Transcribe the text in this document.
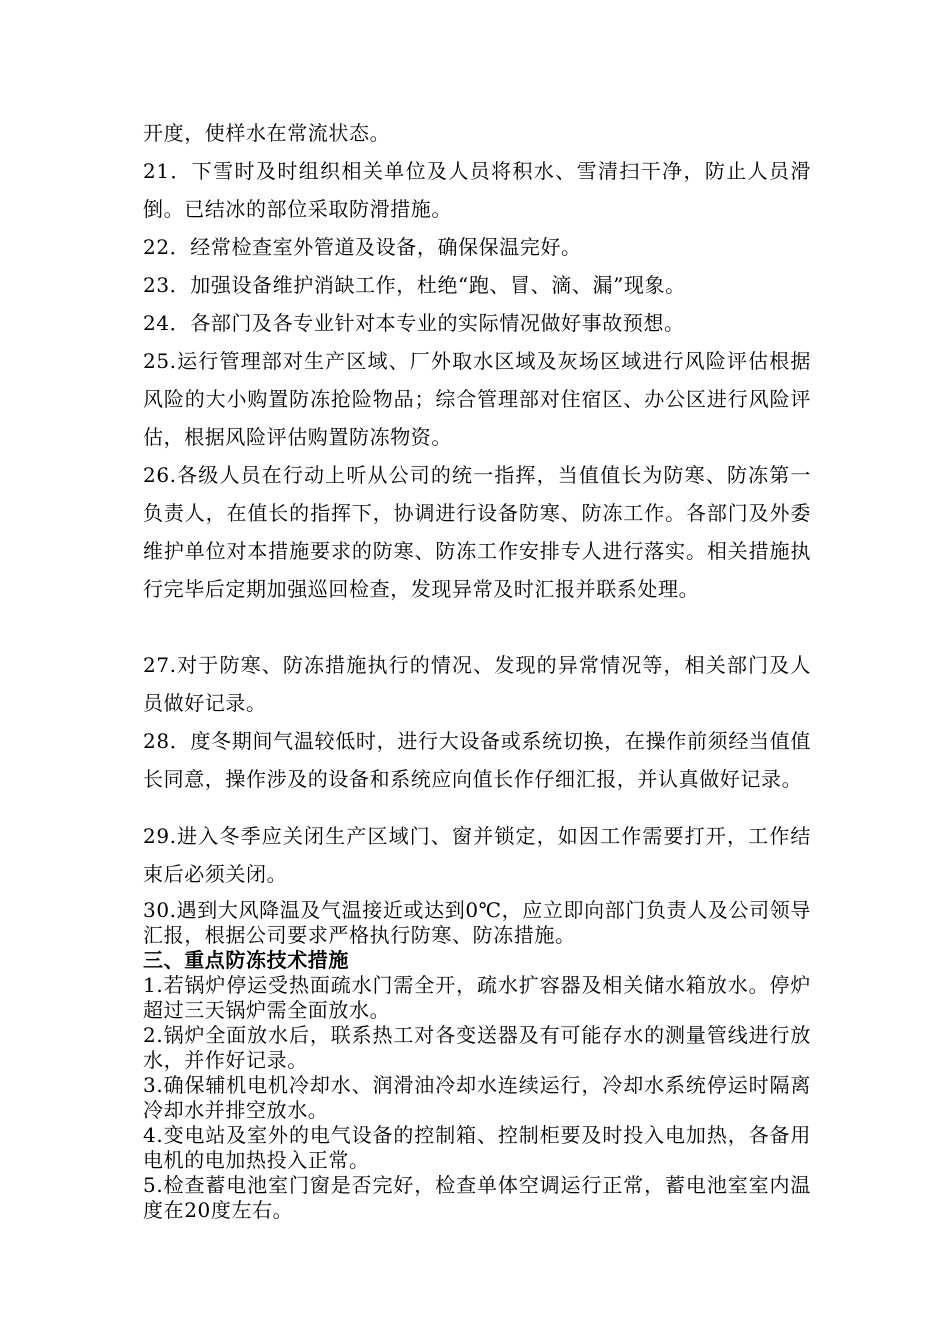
开度，使样水在常流状态。

21．下雪时及时组织相关单位及人员将积水、雪清扫干净，防止人员滑倒。已结冰的部位采取防滑措施。

22．经常检查室外管道及设备，确保保温完好。

23．加强设备维护消缺工作，杜绝“跑、冒、滴、漏”现象。

24．各部门及各专业针对本专业的实际情况做好事故预想。

25.运行管理部对生产区域、厂外取水区域及灰场区域进行风险评估根据风险的大小购置防冻抢险物品；综合管理部对住宿区、办公区进行风险评估，根据风险评估购置防冻物资。

26.各级人员在行动上听从公司的统一指挥，当值值长为防寒、防冻第一负责人，在值长的指挥下，协调进行设备防寒、防冻工作。各部门及外委维护单位对本措施要求的防寒、防冻工作安排专人进行落实。相关措施执行完毕后定期加强巡回检查，发现异常及时汇报并联系处理。

27.对于防寒、防冻措施执行的情况、发现的异常情况等，相关部门及人员做好记录。

28．度冬期间气温较低时，进行大设备或系统切换，在操作前须经当值值长同意，操作涉及的设备和系统应向值长作仔细汇报，并认真做好记录。

29.进入冬季应关闭生产区域门、窗并锁定，如因工作需要打开，工作结束后必须关闭。

30.遇到大风降温及气温接近或达到0℃，应立即向部门负责人及公司领导汇报，根据公司要求严格执行防寒、防冻措施。

三、重点防冻技术措施

1.若锅炉停运受热面疏水门需全开，疏水扩容器及相关储水箱放水。停炉超过三天锅炉需全面放水。

2.锅炉全面放水后，联系热工对各变送器及有可能存水的测量管线进行放水，并作好记录。

3.确保辅机电机冷却水、润滑油冷却水连续运行，冷却水系统停运时隔离冷却水并排空放水。

4.变电站及室外的电气设备的控制箱、控制柜要及时投入电加热，各备用电机的电加热投入正常。

5.检查蓄电池室门窗是否完好，检查单体空调运行正常，蓄电池室室内温度在20度左右。
